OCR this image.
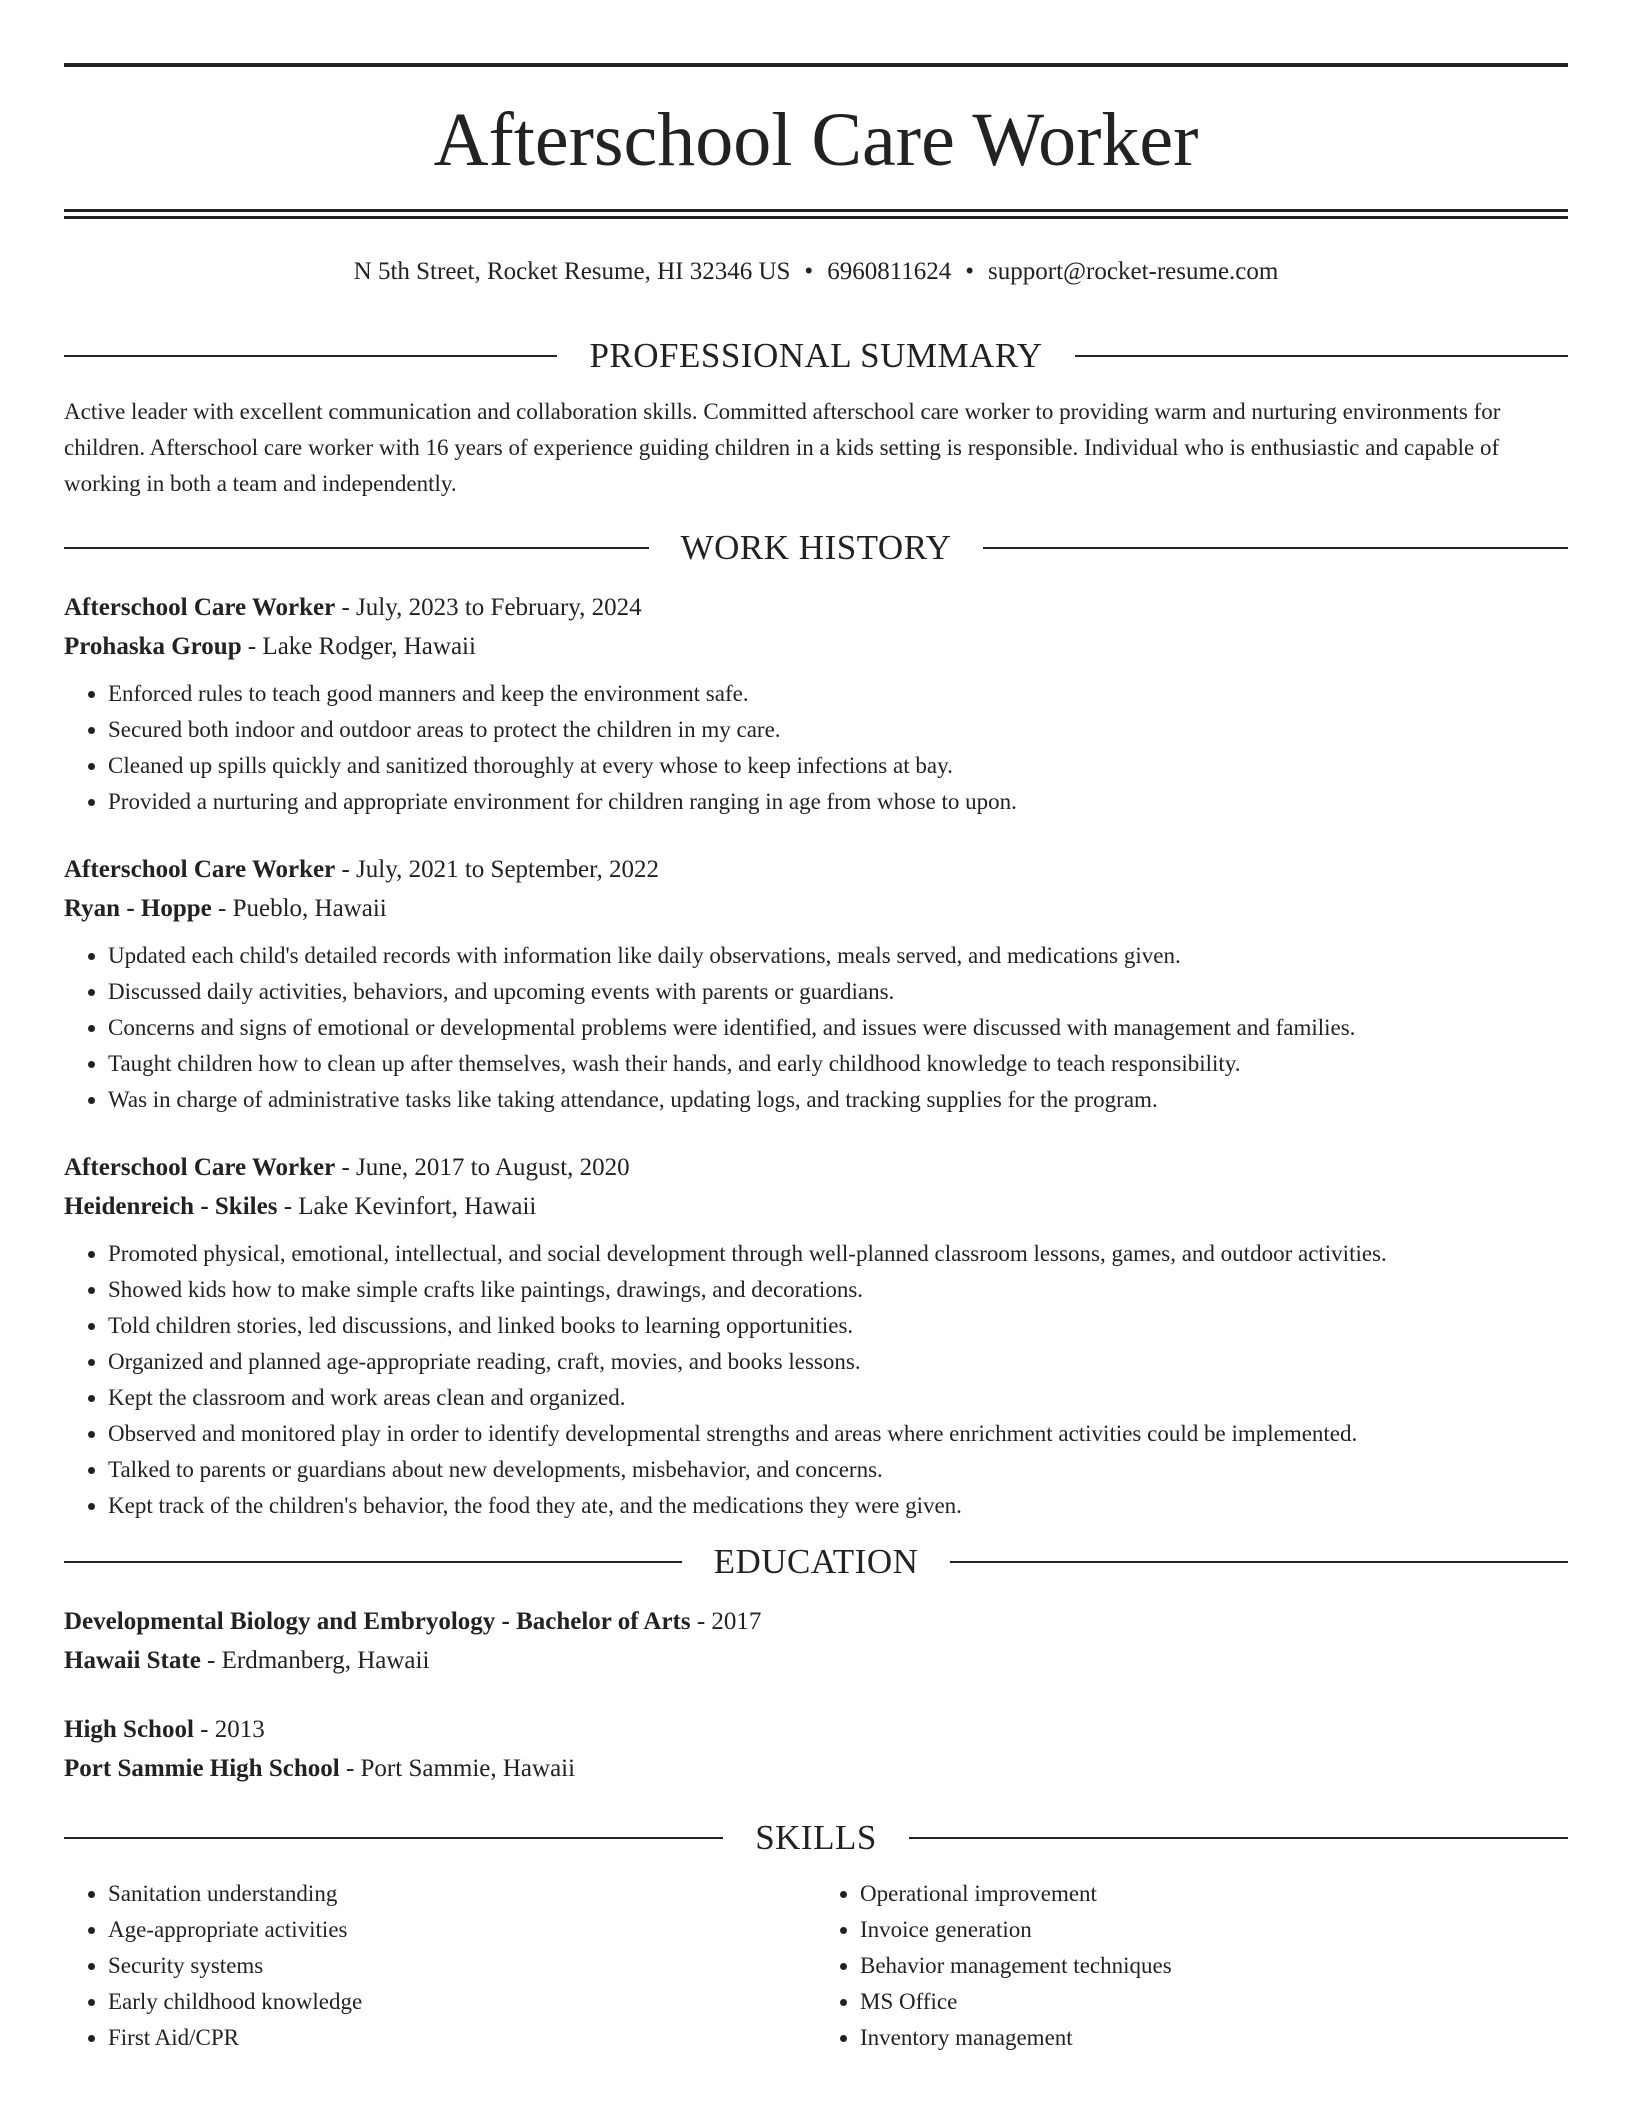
Afterschool Care Worker
N 5th Street, Rocket Resume, HI 32346 US • 6960811624 • support@rocket-resume.com
PROFESSIONAL SUMMARY

Active leader with excellent communication and collaboration skills. Committed afterschool care worker to providing warm and nurturing environments for children. Afterschool care worker with 16 years of experience guiding children in a kids setting is responsible. Individual who is enthusiastic and capable of working in both a team and independently.

WORK HISTORY
Afterschool Care Worker - July, 2023 to February, 2024
Prohaska Group - Lake Rodger, Hawaii
• Enforced rules to teach good manners and keep the environment safe.
• Secured both indoor and outdoor areas to protect the children in my care.
• Cleaned up spills quickly and sanitized thoroughly at every whose to keep infections at bay.
• Provided a nurturing and appropriate environment for children ranging in age from whose to upon.
Afterschool Care Worker - July, 2021 to September, 2022
Ryan - Hoppe - Pueblo, Hawaii
• Updated each child's detailed records with information like daily observations, meals served, and medications given.
• Discussed daily activities, behaviors, and upcoming events with parents or guardians.
• Concerns and signs of emotional or developmental problems were identified, and issues were discussed with management and families.
• Taught children how to clean up after themselves, wash their hands, and early childhood knowledge to teach responsibility.
• Was in charge of administrative tasks like taking attendance, updating logs, and tracking supplies for the program.
Afterschool Care Worker - June, 2017 to August, 2020
Heidenreich - Skiles - Lake Kevinfort, Hawaii
• Promoted physical, emotional, intellectual, and social development through well-planned classroom lessons, games, and outdoor activities.
• Showed kids how to make simple crafts like paintings, drawings, and decorations.
• Told children stories, led discussions, and linked books to learning opportunities.
• Organized and planned age-appropriate reading, craft, movies, and books lessons.
• Kept the classroom and work areas clean and organized.
• Observed and monitored play in order to identify developmental strengths and areas where enrichment activities could be implemented.
• Talked to parents or guardians about new developments, misbehavior, and concerns.
• Kept track of the children's behavior, the food they ate, and the medications they were given.
EDUCATION
Developmental Biology and Embryology - Bachelor of Arts - 2017
Hawaii State - Erdmanberg, Hawaii
High School - 2013
Port Sammie High School - Port Sammie, Hawaii
SKILLS
• Sanitation understanding
• Age-appropriate activities
• Security systems
• Early childhood knowledge
• First Aid/CPR
• Operational improvement
• Invoice generation
• Behavior management techniques
• MS Office
• Inventory management
